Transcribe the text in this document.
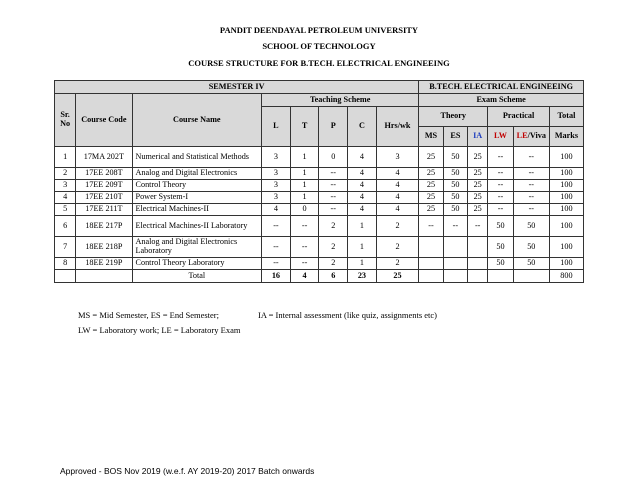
PANDIT DEENDAYAL PETROLEUM UNIVERSITY
SCHOOL OF TECHNOLOGY
COURSE STRUCTURE FOR B.TECH. ELECTRICAL ENGINEEING
SEMESTER IV								B.TECH. ELECTRICAL ENGINEEING					
Sr. No	Course Code	Course Name	Teaching Scheme					Exam Scheme					
			L	T	P	C	Hrs/wk	Theory			Practical		Total
								MS	ES	IA	LW	LE/Viva	Marks
1	17MA 202T	Numerical and Statistical Methods	3	1	0	4	3	25	50	25	--	--	100
2	17EE 208T	Analog and Digital Electronics	3	1	--	4	4	25	50	25	--	--	100
3	17EE 209T	Control Theory	3	1	--	4	4	25	50	25	--	--	100
4	17EE 210T	Power System-I	3	1	--	4	4	25	50	25	--	--	100
5	17EE 211T	Electrical Machines-II	4	0	--	4	4	25	50	25	--	--	100
6	18EE 217P	Electrical Machines-II Laboratory	--	--	2	1	2	--	--	--	50	50	100
7	18EE 218P	Analog and Digital Electronics Laboratory	--	--	2	1	2				50	50	100
8	18EE 219P	Control Theory Laboratory	--	--	2	1	2				50	50	100
		Total	16	4	6	23	25						800
MS = Mid Semester, ES = End Semester;	IA = Internal assessment (like quiz, assignments etc)
LW = Laboratory work; LE = Laboratory Exam
Approved - BOS Nov 2019 (w.e.f. AY 2019-20) 2017 Batch onwards
